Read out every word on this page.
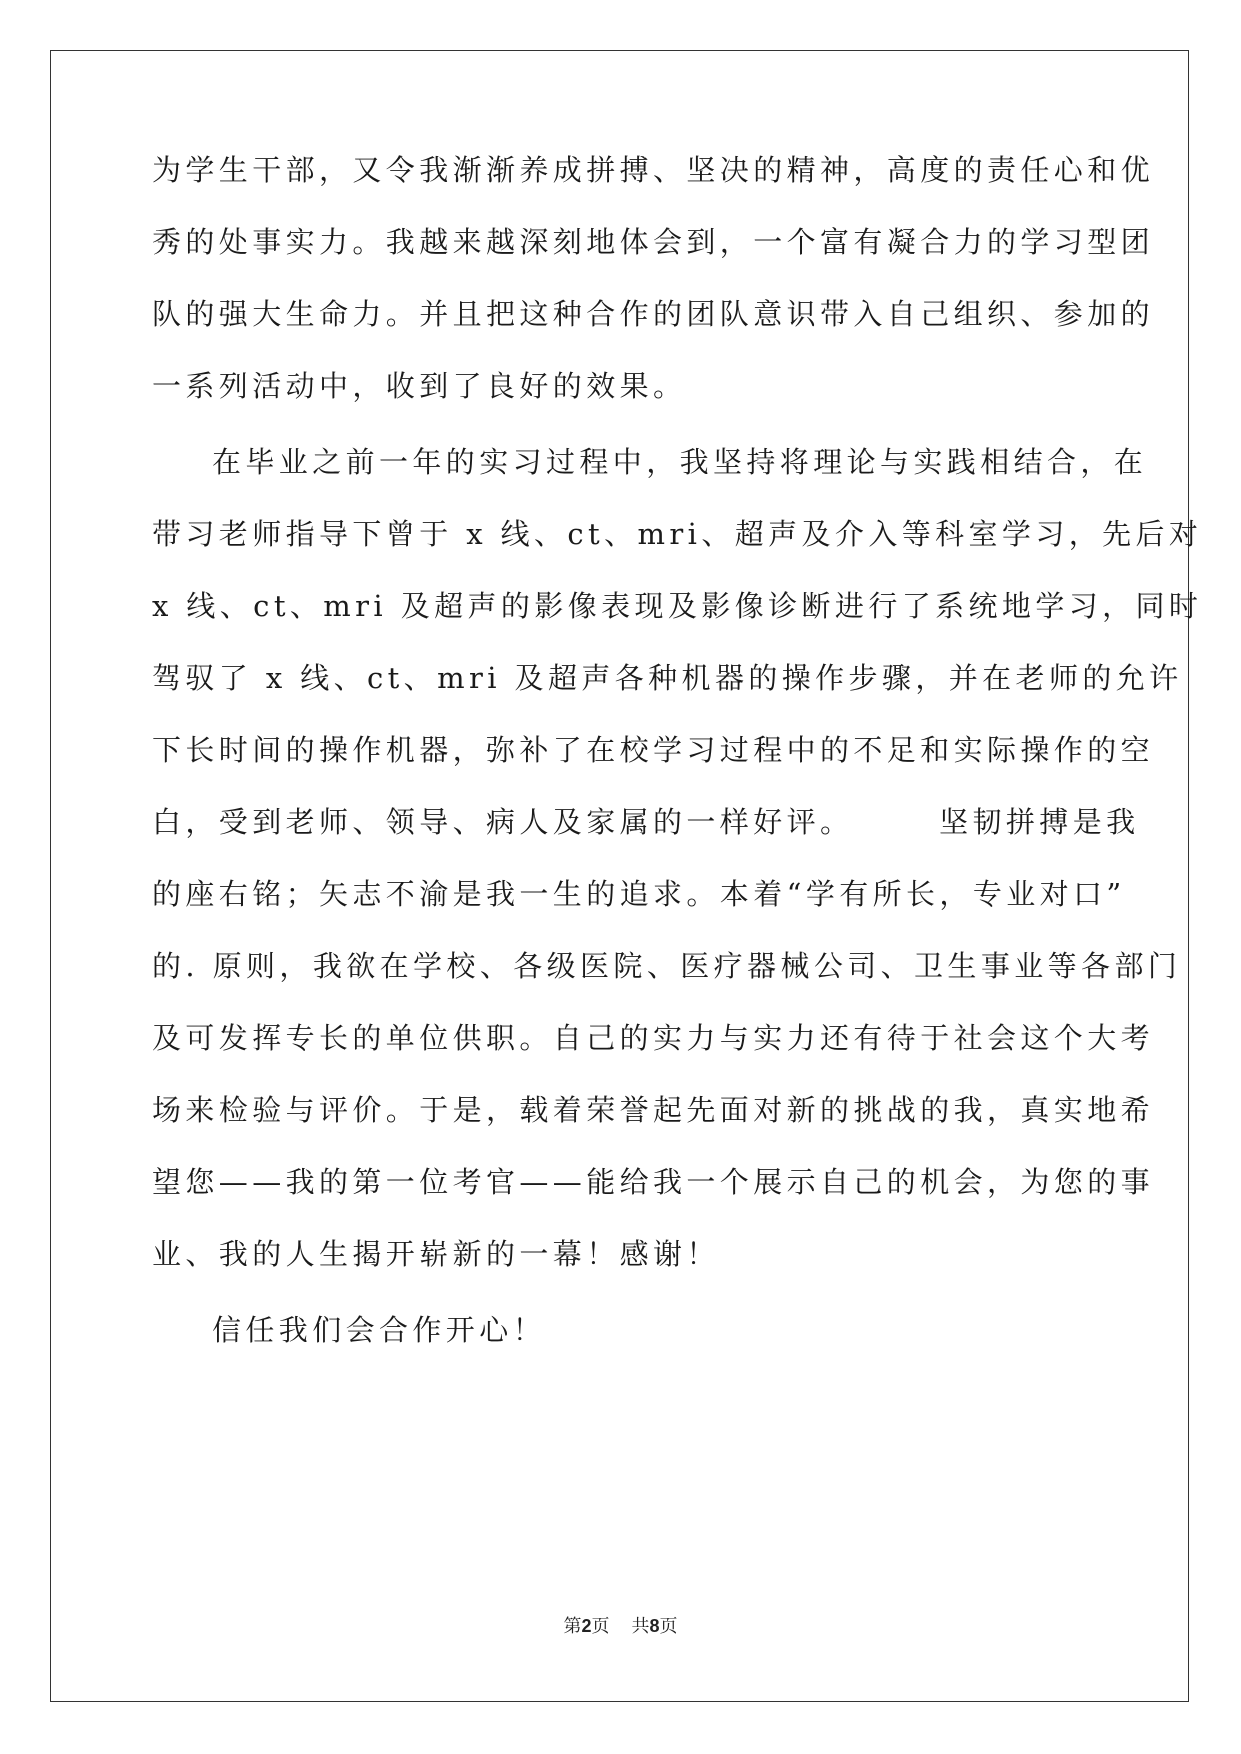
为学生干部，又令我渐渐养成拼搏、坚决的精神，高度的责任心和优
秀的处事实力。我越来越深刻地体会到，一个富有凝合力的学习型团
队的强大生命力。并且把这种合作的团队意识带入自己组织、参加的
一系列活动中，收到了良好的效果。
在毕业之前一年的实习过程中，我坚持将理论与实践相结合，在
带习老师指导下曾于 x 线、ct、mri、超声及介入等科室学习，先后对
x 线、ct、mri 及超声的影像表现及影像诊断进行了系统地学习，同时
驾驭了 x 线、ct、mri 及超声各种机器的操作步骤，并在老师的允许
下长时间的操作机器，弥补了在校学习过程中的不足和实际操作的空
白，受到老师、领导、病人及家属的一样好评。　　　坚韧拼搏是我
的座右铭；矢志不渝是我一生的追求。本着“学有所长，专业对口”
的. 原则，我欲在学校、各级医院、医疗器械公司、卫生事业等各部门
及可发挥专长的单位供职。自己的实力与实力还有待于社会这个大考
场来检验与评价。于是，载着荣誉起先面对新的挑战的我，真实地希
望您——我的第一位考官——能给我一个展示自己的机会，为您的事
业、我的人生揭开崭新的一幕！感谢！
信任我们会合作开心！
第2页 共8页
